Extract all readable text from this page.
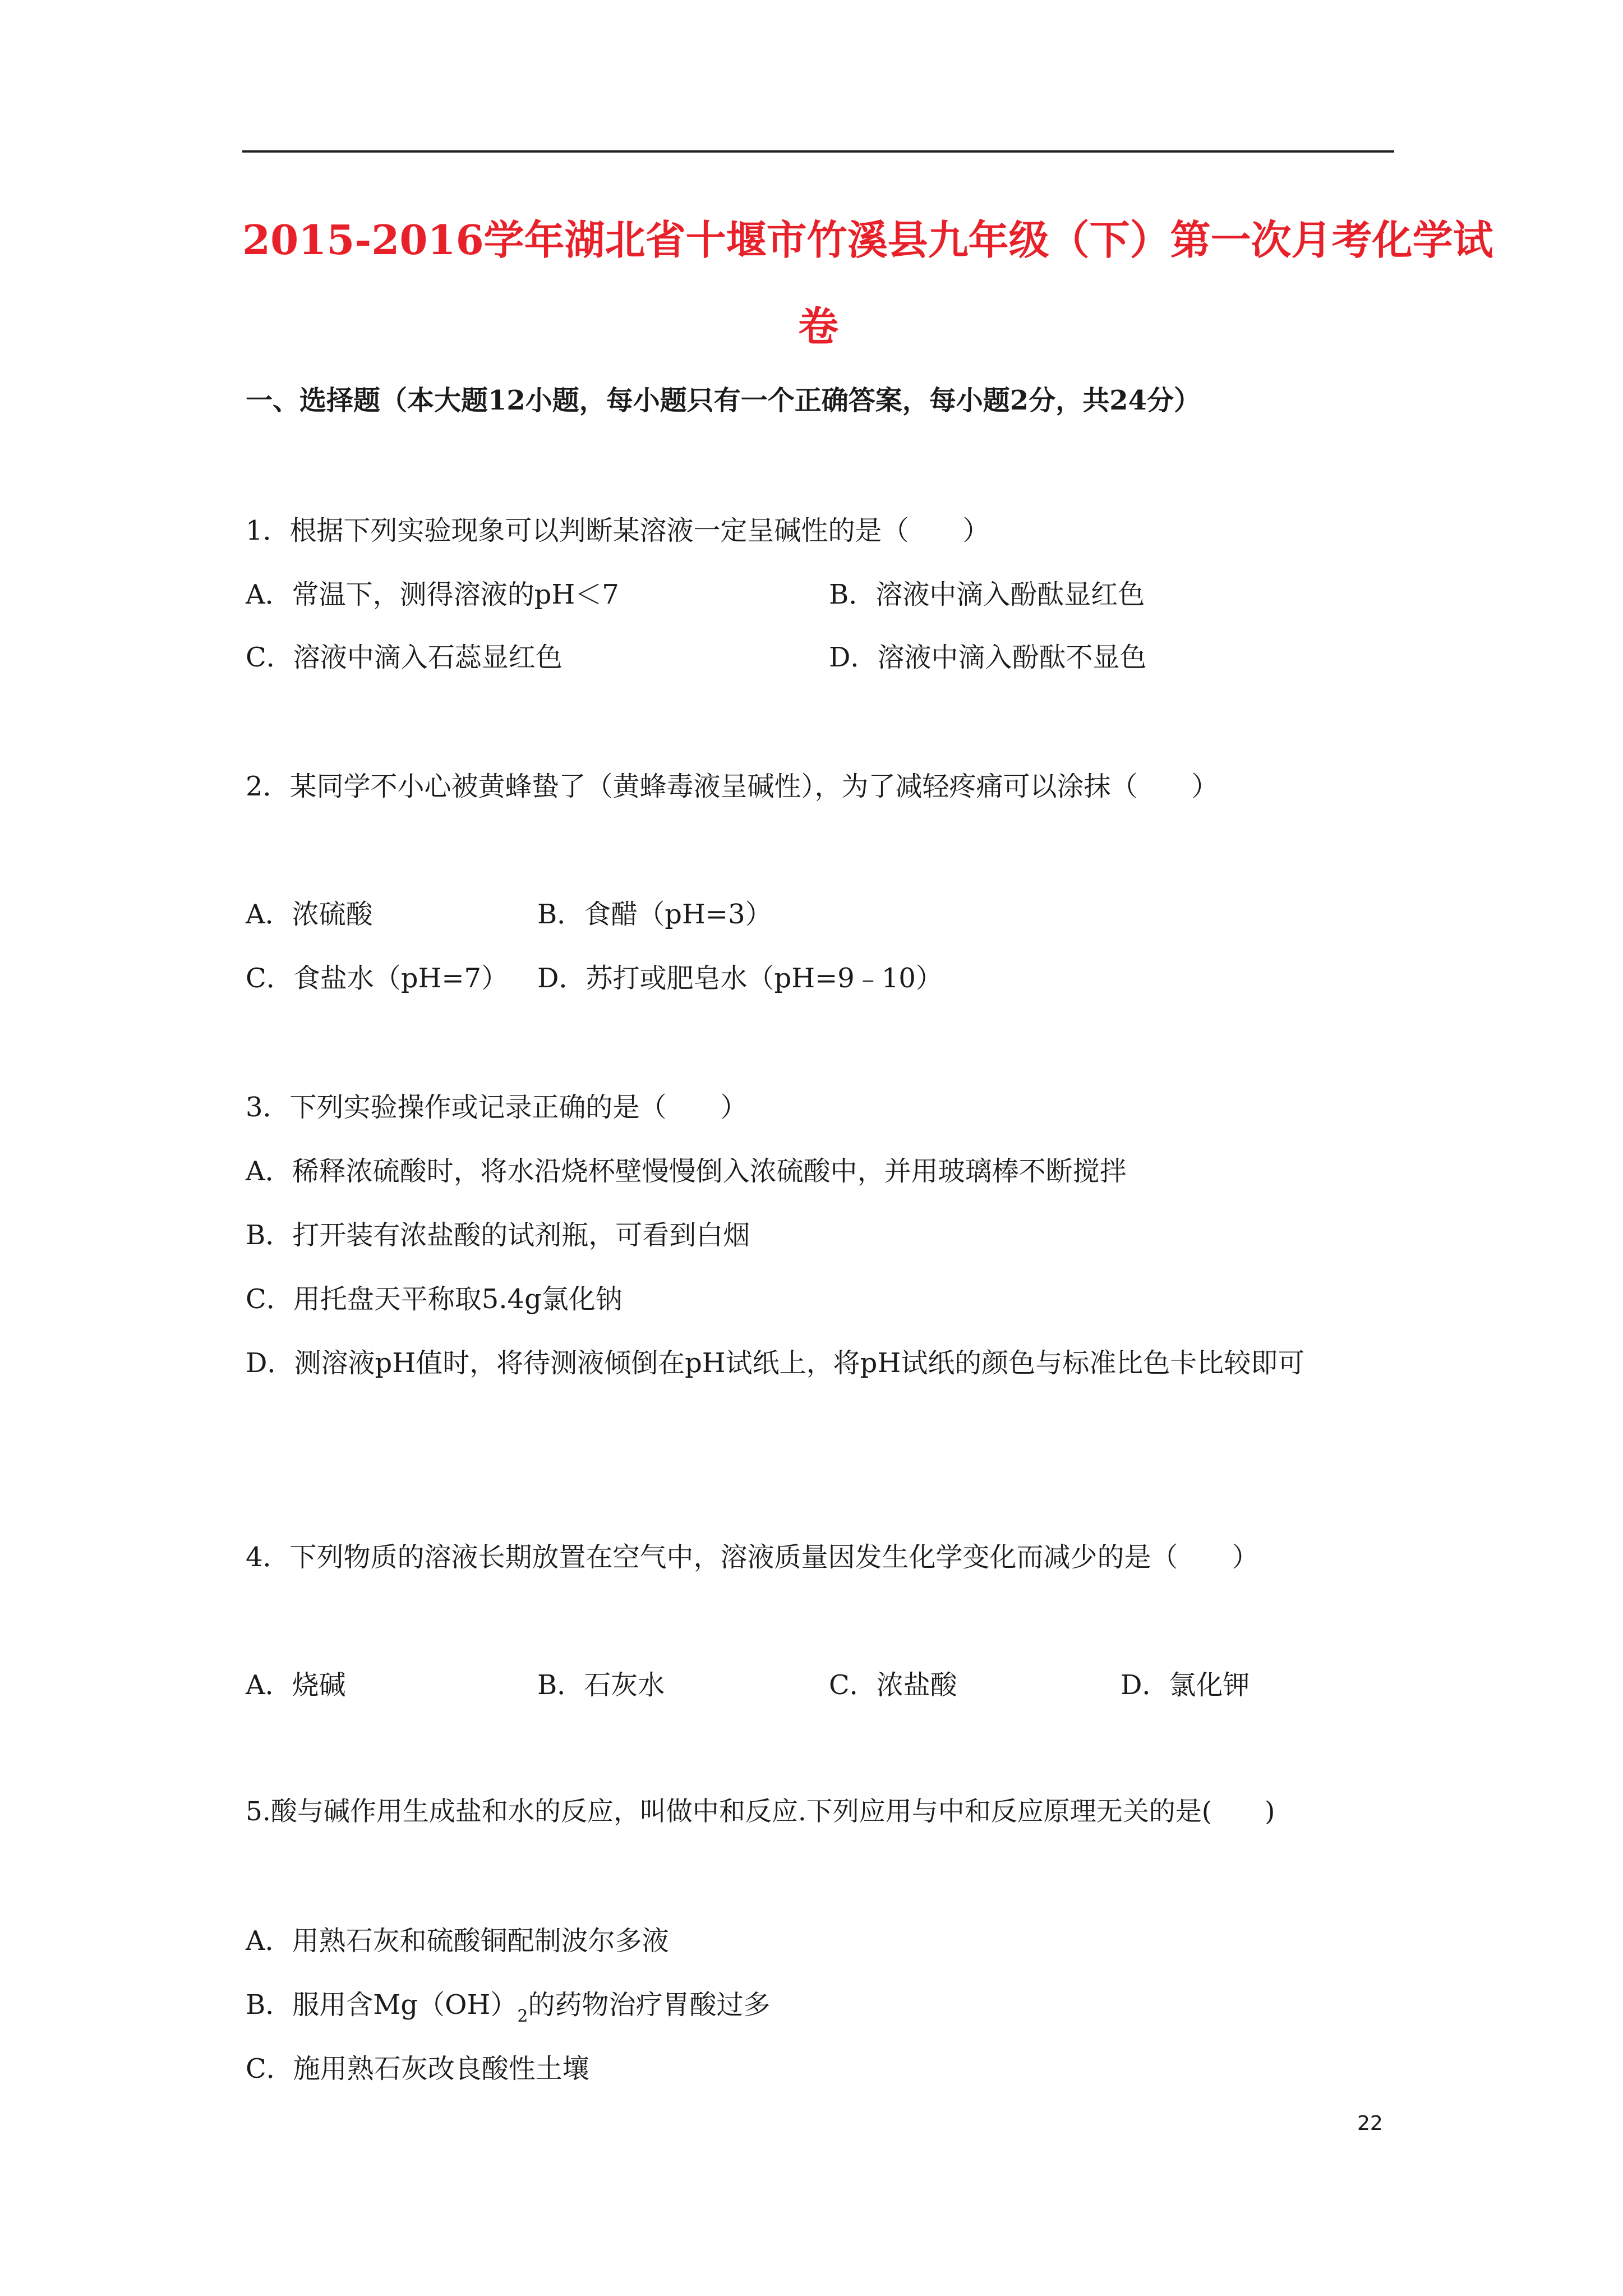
2015-2016学年湖北省十堰市竹溪县九年级（下）第一次月考化学试
卷
一、选择题（本大题12小题，每小题只有一个正确答案，每小题2分，共24分）
1．根据下列实验现象可以判断某溶液一定呈碱性的是（　　）
A．常温下，测得溶液的pH＜7	B．溶液中滴入酚酞显红色
C．溶液中滴入石蕊显红色	D．溶液中滴入酚酞不显色
2．某同学不小心被黄蜂蛰了（黄蜂毒液呈碱性），为了减轻疼痛可以涂抹（　　）
A．浓硫酸	B．食醋（pH=3）
C．食盐水（pH=7） D．苏打或肥皂水（pH=9﹣10）
3．下列实验操作或记录正确的是（　　）
A．稀释浓硫酸时，将水沿烧杯壁慢慢倒入浓硫酸中，并用玻璃棒不断搅拌
B．打开装有浓盐酸的试剂瓶，可看到白烟
C．用托盘天平称取5.4g氯化钠
D．测溶液pH值时，将待测液倾倒在pH试纸上，将pH试纸的颜色与标准比色卡比较即可
4．下列物质的溶液长期放置在空气中，溶液质量因发生化学变化而减少的是（　　）
A．烧碱	B．石灰水	C．浓盐酸	D．氯化钾
5.酸与碱作用生成盐和水的反应，叫做中和反应.下列应用与中和反应原理无关的是(　　)
A．用熟石灰和硫酸铜配制波尔多液
B．服用含$Mg(OH)_2$的药物治疗胃酸过多
C．施用熟石灰改良酸性土壤
22
